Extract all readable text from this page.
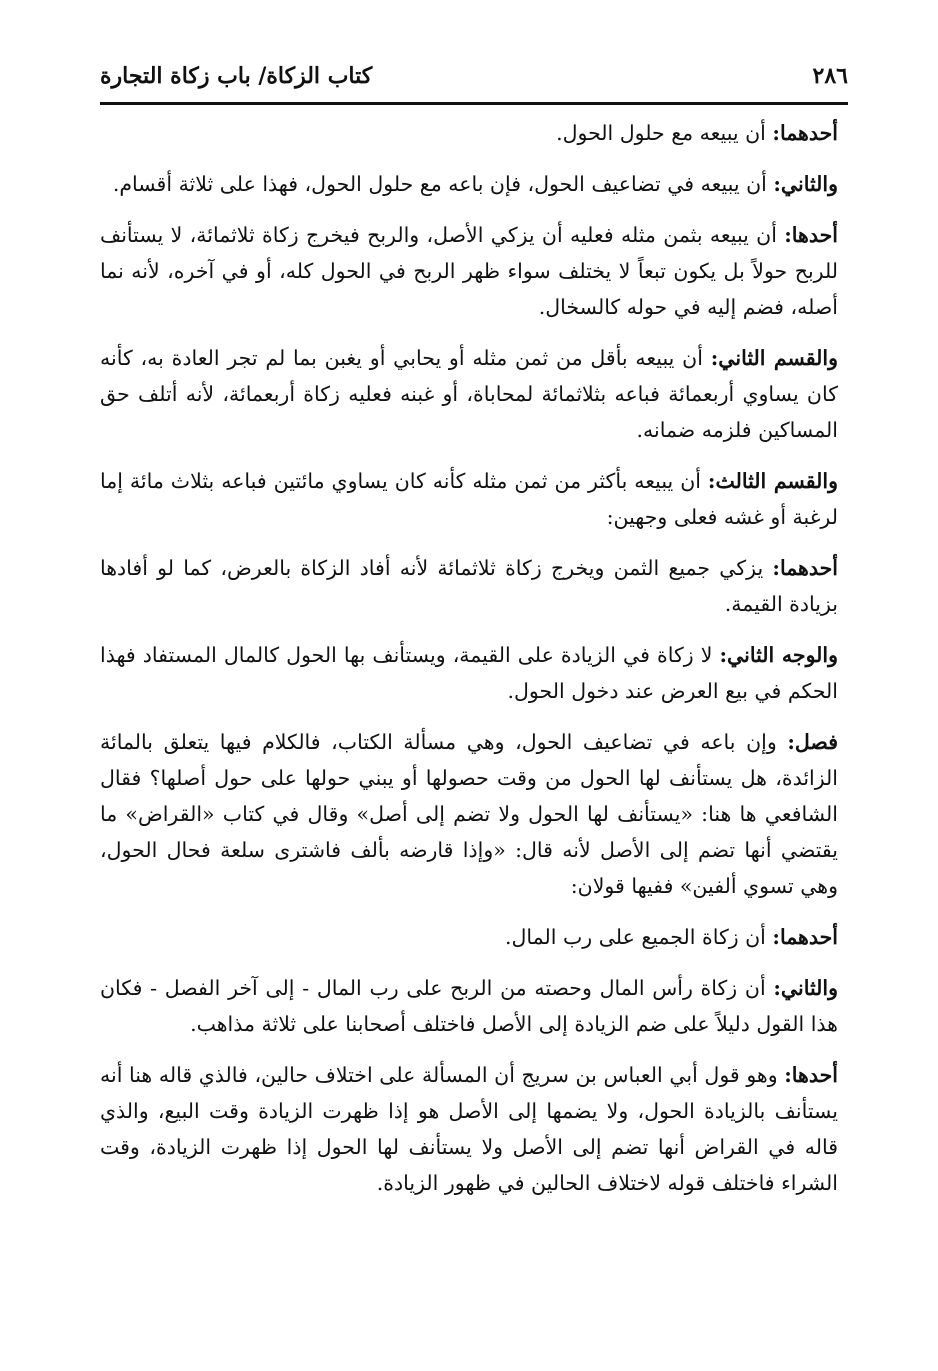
٢٨٦
كتاب الزكاة/ باب زكاة التجارة

أحدهما: أن يبيعه مع حلول الحول.

والثاني: أن يبيعه في تضاعيف الحول، فإن باعه مع حلول الحول، فهذا على ثلاثة أقسام.

أحدها: أن يبيعه بثمن مثله فعليه أن يزكي الأصل، والربح فيخرج زكاة ثلاثمائة، لا يستأنف للربح حولاً بل يكون تبعاً لا يختلف سواء ظهر الربح في الحول كله، أو في آخره، لأنه نما أصله، فضم إليه في حوله كالسخال.

والقسم الثاني: أن يبيعه بأقل من ثمن مثله أو يحابي أو يغبن بما لم تجر العادة به، كأنه كان يساوي أربعمائة فباعه بثلاثمائة لمحاباة، أو غبنه فعليه زكاة أربعمائة، لأنه أتلف حق المساكين فلزمه ضمانه.

والقسم الثالث: أن يبيعه بأكثر من ثمن مثله كأنه كان يساوي مائتين فباعه بثلاث مائة إما لرغبة أو غشه فعلى وجهين:

أحدهما: يزكي جميع الثمن ويخرج زكاة ثلاثمائة لأنه أفاد الزكاة بالعرض، كما لو أفادها بزيادة القيمة.

والوجه الثاني: لا زكاة في الزيادة على القيمة، ويستأنف بها الحول كالمال المستفاد فهذا الحكم في بيع العرض عند دخول الحول.

فصل: وإن باعه في تضاعيف الحول، وهي مسألة الكتاب، فالكلام فيها يتعلق بالمائة الزائدة، هل يستأنف لها الحول من وقت حصولها أو يبني حولها على حول أصلها؟ فقال الشافعي ها هنا: «يستأنف لها الحول ولا تضم إلى أصل» وقال في كتاب «القراض» ما يقتضي أنها تضم إلى الأصل لأنه قال: «وإذا قارضه بألف فاشترى سلعة فحال الحول، وهي تسوي ألفين» ففيها قولان:

أحدهما: أن زكاة الجميع على رب المال.

والثاني: أن زكاة رأس المال وحصته من الربح على رب المال - إلى آخر الفصل - فكان هذا القول دليلاً على ضم الزيادة إلى الأصل فاختلف أصحابنا على ثلاثة مذاهب.

أحدها: وهو قول أبي العباس بن سريج أن المسألة على اختلاف حالين، فالذي قاله هنا أنه يستأنف بالزيادة الحول، ولا يضمها إلى الأصل هو إذا ظهرت الزيادة وقت البيع، والذي قاله في القراض أنها تضم إلى الأصل ولا يستأنف لها الحول إذا ظهرت الزيادة، وقت الشراء فاختلف قوله لاختلاف الحالين في ظهور الزيادة.
